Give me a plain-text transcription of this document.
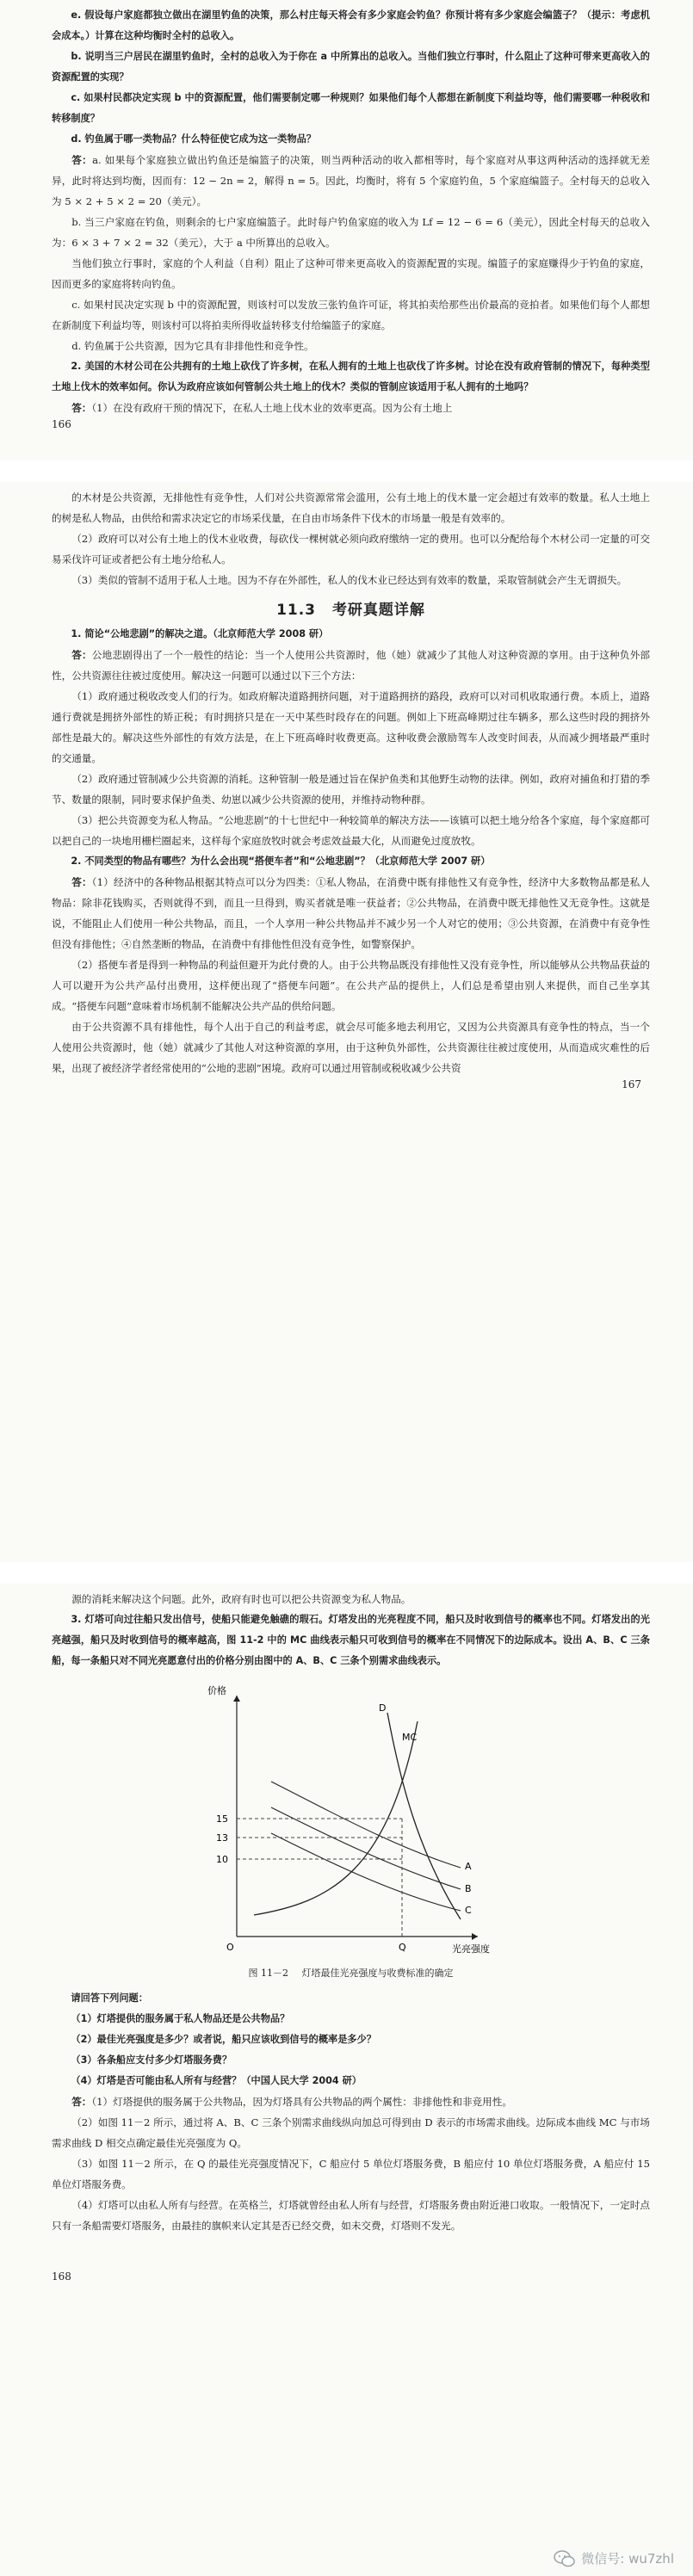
e. 假设每户家庭都独立做出在湖里钓鱼的决策，那么村庄每天将会有多少家庭会钓鱼？你预计将有多少家庭会编篮子？（提示：考虑机会成本。）计算在这种均衡时全村的总收入。

b. 说明当三户居民在湖里钓鱼时，全村的总收入为于你在 a 中所算出的总收入。当他们独立行事时，什么阻止了这种可带来更高收入的资源配置的实现？

c. 如果村民都决定实现 b 中的资源配置，他们需要制定哪一种规则？如果他们每个人都想在新制度下利益均等，他们需要哪一种税收和转移制度？

d. 钓鱼属于哪一类物品？什么特征使它成为这一类物品？

答：a. 如果每个家庭独立做出钓鱼还是编篮子的决策，则当两种活动的收入都相等时，每个家庭对从事这两种活动的选择就无差异，此时将达到均衡，因而有：12 − 2n = 2，解得 n = 5。因此，均衡时，将有 5 个家庭钓鱼，5 个家庭编篮子。全村每天的总收入为 5 × 2 + 5 × 2 = 20（美元）。

b. 当三户家庭在钓鱼，则剩余的七户家庭编篮子。此时每户钓鱼家庭的收入为 Lf = 12 − 6 = 6（美元），因此全村每天的总收入为：6 × 3 + 7 × 2 = 32（美元），大于 a 中所算出的总收入。

当他们独立行事时，家庭的个人利益（自利）阻止了这种可带来更高收入的资源配置的实现。编篮子的家庭赚得少于钓鱼的家庭，因而更多的家庭将转向钓鱼。

c. 如果村民决定实现 b 中的资源配置，则该村可以发放三张钓鱼许可证，将其拍卖给那些出价最高的竞拍者。如果他们每个人都想在新制度下利益均等，则该村可以将拍卖所得收益转移支付给编篮子的家庭。

d. 钓鱼属于公共资源，因为它具有非排他性和竞争性。

2. 美国的木材公司在公共拥有的土地上砍伐了许多树，在私人拥有的土地上也砍伐了许多树。讨论在没有政府管制的情况下，每种类型土地上伐木的效率如何。你认为政府应该如何管制公共土地上的伐木？类似的管制应该适用于私人拥有的土地吗？

答：（1）在没有政府干预的情况下，在私人土地上伐木业的效率更高。因为公有土地上

166

的木材是公共资源，无排他性有竞争性，人们对公共资源常常会滥用，公有土地上的伐木量一定会超过有效率的数量。私人土地上的树是私人物品，由供给和需求决定它的市场采伐量，在自由市场条件下伐木的市场量一般是有效率的。

（2）政府可以对公有土地上的伐木业收费，每砍伐一棵树就必须向政府缴纳一定的费用。也可以分配给每个木材公司一定量的可交易采伐许可证或者把公有土地分给私人。

（3）类似的管制不适用于私人土地。因为不存在外部性，私人的伐木业已经达到有效率的数量，采取管制就会产生无谓损失。

11.3 考研真题详解

1. 简论“公地悲剧”的解决之道。（北京师范大学 2008 研）

答：公地悲剧得出了一个一般性的结论：当一个人使用公共资源时，他（她）就减少了其他人对这种资源的享用。由于这种负外部性，公共资源往往被过度使用。解决这一问题可以通过以下三个方法：

（1）政府通过税收改变人们的行为。如政府解决道路拥挤问题，对于道路拥挤的路段，政府可以对司机收取通行费。本质上，道路通行费就是拥挤外部性的矫正税；有时拥挤只是在一天中某些时段存在的问题。例如上下班高峰期过往车辆多，那么这些时段的拥挤外部性是最大的。解决这些外部性的有效方法是，在上下班高峰时收费更高。这种收费会激励驾车人改变时间表，从而减少拥堵最严重时的交通量。

（2）政府通过管制减少公共资源的消耗。这种管制一般是通过旨在保护鱼类和其他野生动物的法律。例如，政府对捕鱼和打猎的季节、数量的限制，同时要求保护鱼类、幼崽以减少公共资源的使用，并维持动物种群。

（3）把公共资源变为私人物品。“公地悲剧”的十七世纪中一种较简单的解决方法——该镇可以把土地分给各个家庭，每个家庭都可以把自己的一块地用栅栏圈起来，这样每个家庭放牧时就会考虑效益最大化，从而避免过度放牧。

2. 不同类型的物品有哪些？为什么会出现“搭便车者”和“公地悲剧”？（北京师范大学 2007 研）

答：（1）经济中的各种物品根据其特点可以分为四类：①私人物品，在消费中既有排他性又有竞争性，经济中大多数物品都是私人物品：除非花钱购买，否则就得不到，而且一旦得到，购买者就是唯一获益者；②公共物品，在消费中既无排他性又无竞争性。这就是说，不能阻止人们使用一种公共物品，而且，一个人享用一种公共物品并不减少另一个人对它的使用；③公共资源，在消费中有竞争性但没有排他性；④自然垄断的物品，在消费中有排他性但没有竞争性，如警察保护。

（2）搭便车者是得到一种物品的利益但避开为此付费的人。由于公共物品既没有排他性又没有竞争性，所以能够从公共物品获益的人可以避开为公共产品付出费用，这样便出现了“搭便车问题”。在公共产品的提供上，人们总是希望由别人来提供，而自己坐享其成。“搭便车问题”意味着市场机制不能解决公共产品的供给问题。

由于公共资源不具有排他性，每个人出于自己的利益考虑，就会尽可能多地去利用它，又因为公共资源具有竞争性的特点，当一个人使用公共资源时，他（她）就减少了其他人对这种资源的享用，由于这种负外部性，公共资源往往被过度使用，从而造成灾难性的后果，出现了被经济学者经常使用的“公地的悲剧”困境。政府可以通过用管制或税收减少公共资

167

源的消耗来解决这个问题。此外，政府有时也可以把公共资源变为私人物品。

3. 灯塔可向过往船只发出信号，使船只能避免触礁的瑕石。灯塔发出的光亮程度不同，船只及时收到信号的概率也不同。灯塔发出的光亮越强，船只及时收到信号的概率越高，图 11-2 中的 MC 曲线表示船只可收到信号的概率在不同情况下的边际成本。设出 A、B、C 三条船，每一条船只对不同光亮愿意付出的价格分别由图中的 A、B、C 三条个别需求曲线表示。

价格
光亮强度
O
15
13
10
Q
D
MC
A
B
C

图 11－2 灯塔最佳光亮强度与收费标准的确定

请回答下列问题：

（1）灯塔提供的服务属于私人物品还是公共物品？

（2）最佳光亮强度是多少？或者说，船只应该收到信号的概率是多少？

（3）各条船应支付多少灯塔服务费？

（4）灯塔是否可能由私人所有与经营？（中国人民大学 2004 研）

答：（1）灯塔提供的服务属于公共物品，因为灯塔具有公共物品的两个属性：非排他性和非竞用性。

（2）如图 11－2 所示，通过将 A、B、C 三条个别需求曲线纵向加总可得到由 D 表示的市场需求曲线。边际成本曲线 MC 与市场需求曲线 D 相交点确定最佳光亮强度为 Q。

（3）如图 11－2 所示，在 Q 的最佳光亮强度情况下，C 船应付 5 单位灯塔服务费，B 船应付 10 单位灯塔服务费，A 船应付 15 单位灯塔服务费。

（4）灯塔可以由私人所有与经营。在英格兰，灯塔就曾经由私人所有与经营，灯塔服务费由附近港口收取。一般情况下，一定时点只有一条船需要灯塔服务，由最挂的旗帜来认定其是否已经交费，如未交费，灯塔则不发光。

168

微信号: wu7zhl
